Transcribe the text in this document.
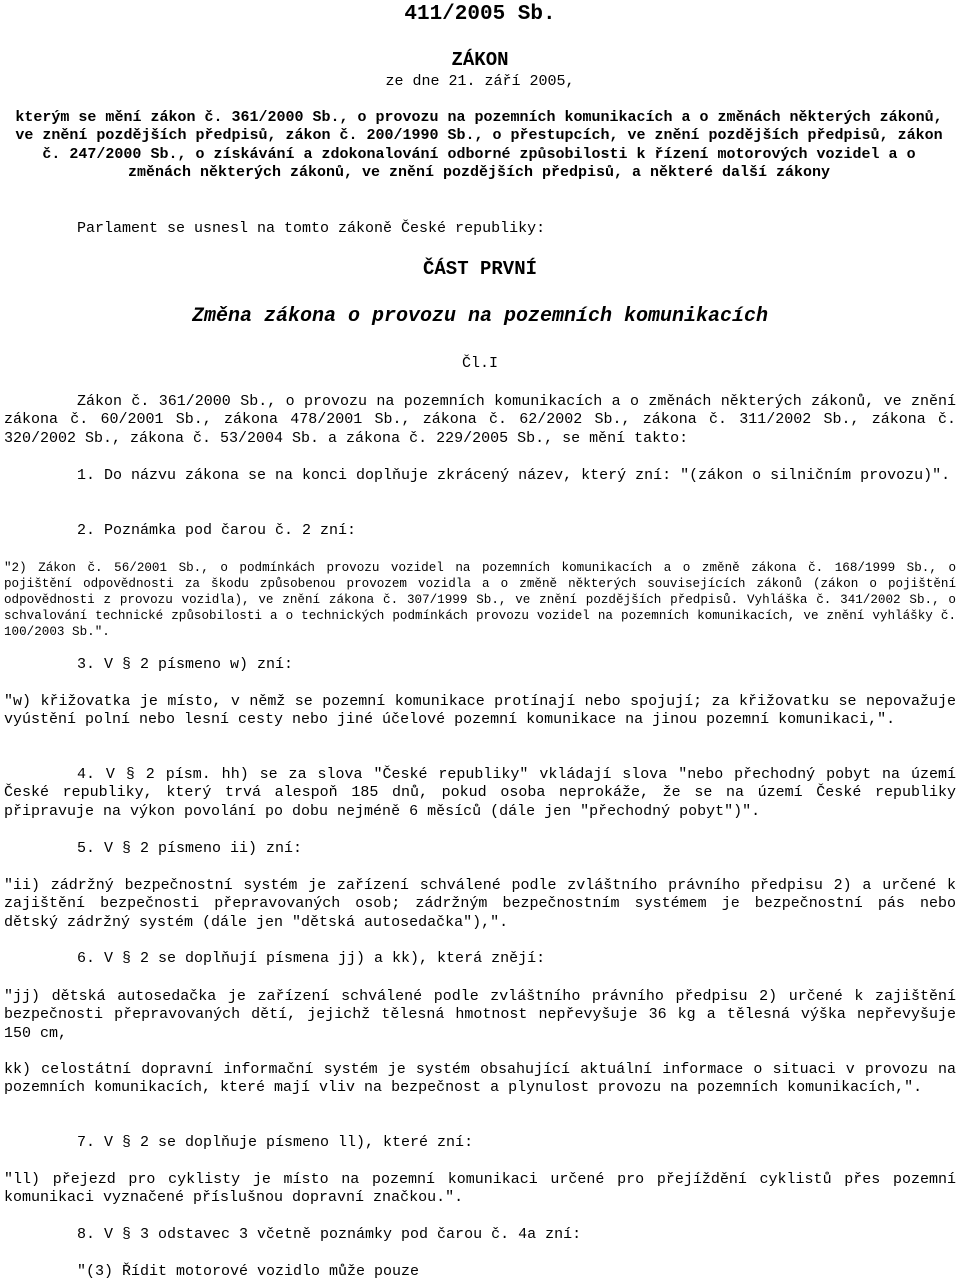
411/2005 Sb.
ZÁKON
ze dne 21. září 2005,
kterým se mění zákon č. 361/2000 Sb., o provozu na pozemních komunikacích a o změnách některých zákonů, ve znění pozdějších předpisů, zákon č. 200/1990 Sb., o přestupcích, ve znění pozdějších předpisů, zákon č. 247/2000 Sb., o získávání a zdokonalování odborné způsobilosti k řízení motorových vozidel a o změnách některých zákonů, ve znění pozdějších předpisů, a některé další zákony
Parlament se usnesl na tomto zákoně České republiky:
ČÁST PRVNÍ
Změna zákona o provozu na pozemních komunikacích
Čl.I
Zákon č. 361/2000 Sb., o provozu na pozemních komunikacích a o změnách některých zákonů, ve znění zákona č. 60/2001 Sb., zákona 478/2001 Sb., zákona č. 62/2002 Sb., zákona č. 311/2002 Sb., zákona č. 320/2002 Sb., zákona č. 53/2004 Sb. a zákona č. 229/2005 Sb., se mění takto:
1. Do názvu zákona se na konci doplňuje zkrácený název, který zní: "(zákon o silničním provozu)".
2. Poznámka pod čarou č. 2 zní:
"2) Zákon č. 56/2001 Sb., o podmínkách provozu vozidel na pozemních komunikacích a o změně zákona č. 168/1999 Sb., o pojištění odpovědnosti za škodu způsobenou provozem vozidla a o změně některých souvisejících zákonů (zákon o pojištění odpovědnosti z provozu vozidla), ve znění zákona č. 307/1999 Sb., ve znění pozdějších předpisů. Vyhláška č. 341/2002 Sb., o schvalování technické způsobilosti a o technických podmínkách provozu vozidel na pozemních komunikacích, ve znění vyhlášky č. 100/2003 Sb.".
3. V § 2 písmeno w) zní:
"w) křižovatka je místo, v němž se pozemní komunikace protínají nebo spojují; za křižovatku se nepovažuje vyústění polní nebo lesní cesty nebo jiné účelové pozemní komunikace na jinou pozemní komunikaci,".
4. V § 2 písm. hh) se za slova "České republiky" vkládají slova "nebo přechodný pobyt na území České republiky, který trvá alespoň 185 dnů, pokud osoba neprokáže, že se na území České republiky připravuje na výkon povolání po dobu nejméně 6 měsíců (dále jen "přechodný pobyt")".
5. V § 2 písmeno ii) zní:
"ii) zádržný bezpečnostní systém je zařízení schválené podle zvláštního právního předpisu 2) a určené k zajištění bezpečnosti přepravovaných osob; zádržným bezpečnostním systémem je bezpečnostní pás nebo dětský zádržný systém (dále jen "dětská autosedačka"),".
6. V § 2 se doplňují písmena jj) a kk), která znějí:
"jj) dětská autosedačka je zařízení schválené podle zvláštního právního předpisu 2) určené k zajištění bezpečnosti přepravovaných dětí, jejichž tělesná hmotnost nepřevyšuje 36 kg a tělesná výška nepřevyšuje 150 cm,
kk) celostátní dopravní informační systém je systém obsahující aktuální informace o situaci v provozu na pozemních komunikacích, které mají vliv na bezpečnost a plynulost provozu na pozemních komunikacích,".
7. V § 2 se doplňuje písmeno ll), které zní:
"ll) přejezd pro cyklisty je místo na pozemní komunikaci určené pro přejíždění cyklistů přes pozemní komunikaci vyznačené příslušnou dopravní značkou.".
8. V § 3 odstavec 3 včetně poznámky pod čarou č. 4a zní:
"(3) Řídit motorové vozidlo může pouze
